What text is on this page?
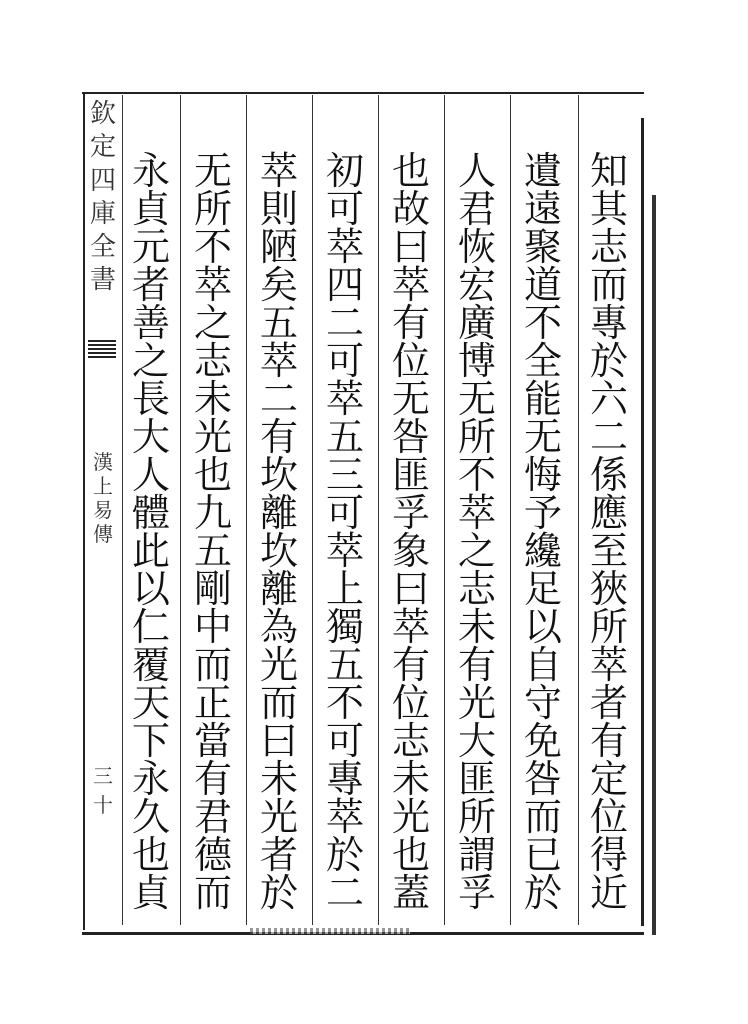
欽
定
四
庫
全
書
漢
上
易
傳
三十
知
其
志
而
專
於
六
二
係
應
至
狹
所
萃
者
有
定
位
得
近
遺
遠
聚
道
不
全
能
无
悔
予
纔
足
以
自
守
免
咎
而
已
於
人
君
恢
宏
廣
博
无
所
不
萃
之
志
未
有
光
大
匪
所
謂
孚
也
故
曰
萃
有
位
无
咎
匪
孚
象
曰
萃
有
位
志
未
光
也
蓋
初
可
萃
四
二
可
萃
五
三
可
萃
上
獨
五
不
可
專
萃
於
二
萃
則
陋
矣
五
萃
二
有
坎
離
坎
離
為
光
而
曰
未
光
者
於
无
所
不
萃
之
志
未
光
也
九
五
剛
中
而
正
當
有
君
德
而
永
貞
元
者
善
之
長
大
人
體
此
以
仁
覆
天
下
永
久
也
貞
